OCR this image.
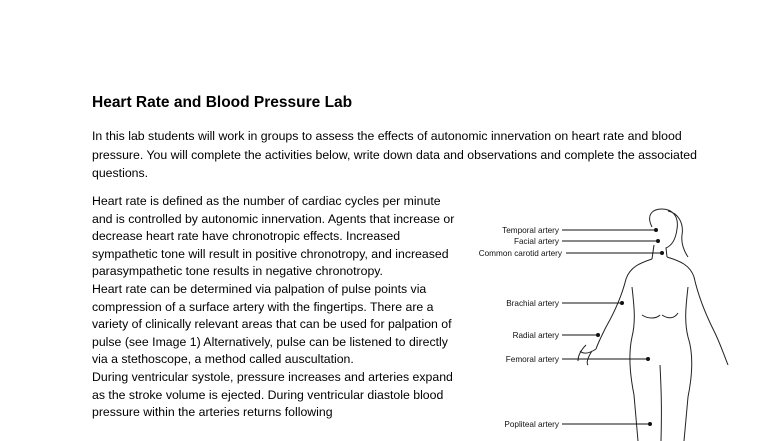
Heart Rate and Blood Pressure Lab
In this lab students will work in groups to assess the effects of autonomic innervation on heart rate and blood pressure. You will complete the activities below, write down data and observations and complete the associated questions.

Heart rate is defined as the number of cardiac cycles per minute and is controlled by autonomic innervation. Agents that increase or decrease heart rate have chronotropic effects. Increased sympathetic tone will result in positive chronotropy, and increased parasympathetic tone results in negative chronotropy.

Heart rate can be determined via palpation of pulse points via compression of a surface artery with the fingertips. There are a variety of clinically relevant areas that can be used for palpation of pulse (see Image 1) Alternatively, pulse can be listened to directly via a stethoscope, a method called auscultation.

During ventricular systole, pressure increases and arteries expand as the stroke volume is ejected. During ventricular diastole blood pressure within the arteries returns following

Temporal artery
Facial artery
Common carotid artery
Brachial artery
Radial artery
Femoral artery
Popliteal artery
